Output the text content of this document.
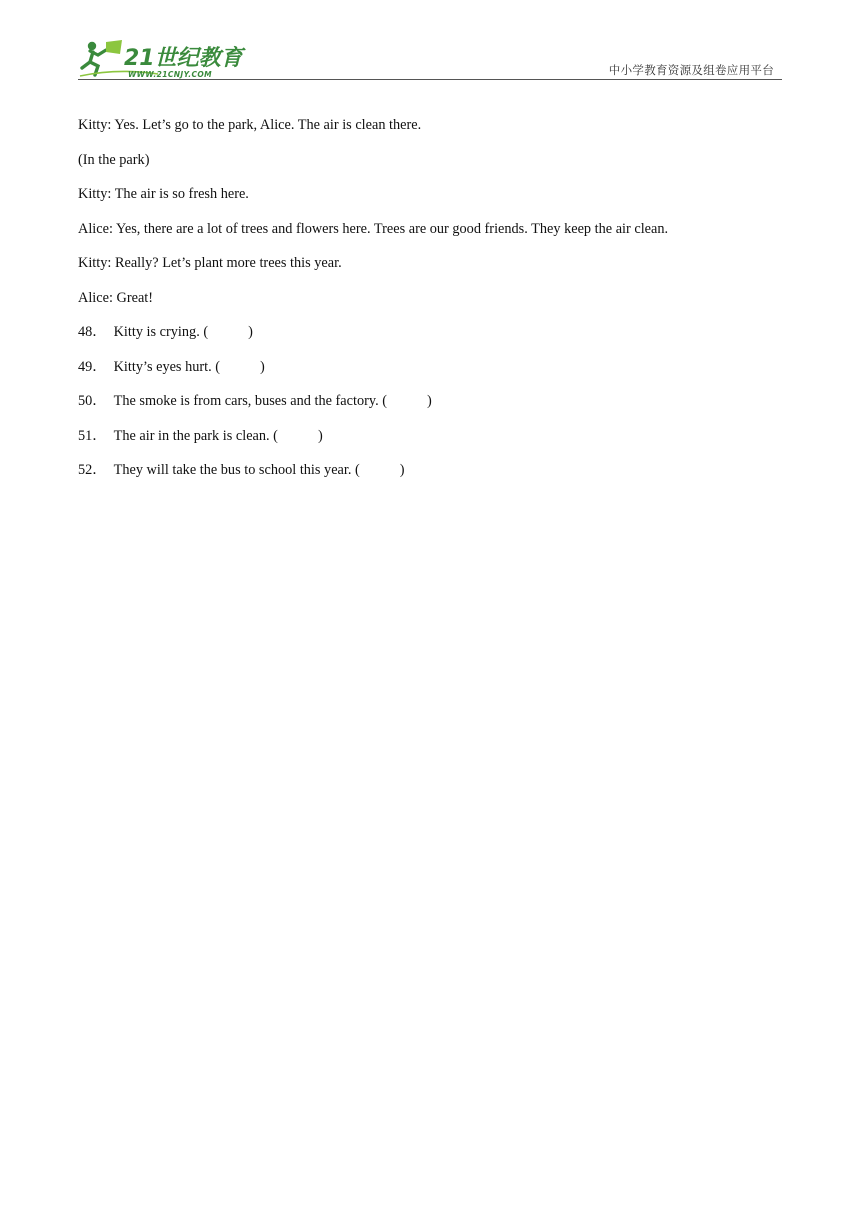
21世纪教育
WWW.21CNJY.COM	中小学教育资源及组卷应用平台
Kitty: Yes. Let’s go to the park, Alice. The air is clean there.
(In the park)
Kitty: The air is so fresh here.
Alice: Yes, there are a lot of trees and flowers here. Trees are our good friends. They keep the air clean.
Kitty: Really? Let’s plant more trees this year.
Alice: Great!
48． Kitty is crying. (	)
49． Kitty’s eyes hurt. (	)
50． The smoke is from cars, buses and the factory. (	)
51． The air in the park is clean. (	)
52． They will take the bus to school this year. (	)
